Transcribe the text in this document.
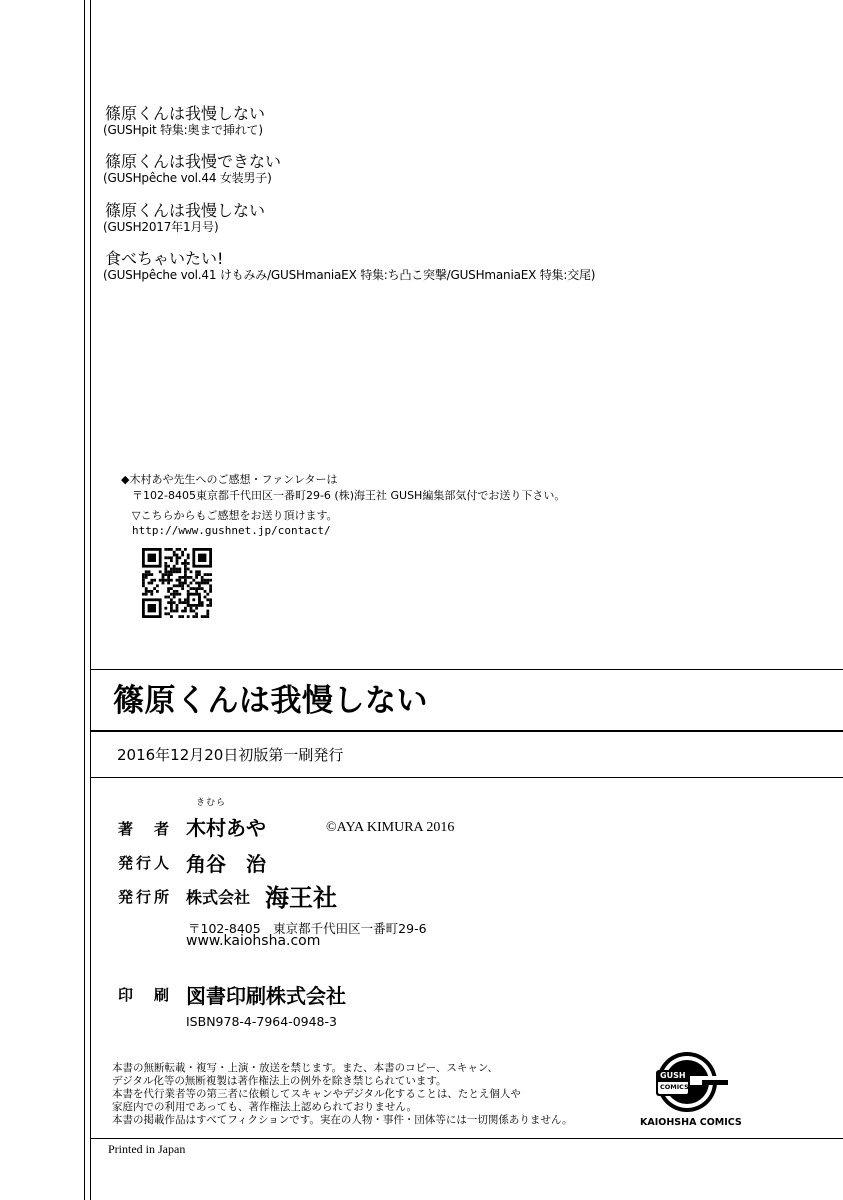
篠原くんは我慢しない
(GUSHpit 特集:奥まで挿れて)
篠原くんは我慢できない
(GUSHpêche vol.44 女装男子)
篠原くんは我慢しない
(GUSH2017年1月号)
食べちゃいたい!
(GUSHpêche vol.41 けもみみ/GUSHmaniaEX 特集:ち凸こ突撃/GUSHmaniaEX 特集:交尾)
◆木村あや先生へのご感想・ファンレターは
〒102-8405東京都千代田区一番町29-6 (株)海王社 GUSH編集部気付でお送り下さい。
▽こちらからもご感想をお送り頂けます。
http://www.gushnet.jp/contact/
篠原くんは我慢しない
2016年12月20日初版第一刷発行
著　者
きむら
木村あや	©AYA KIMURA 2016
発行人 角谷　治
発行所 株式会社 海王社
〒102-8405　東京都千代田区一番町29-6
www.kaiohsha.com
印　刷 図書印刷株式会社
ISBN978-4-7964-0948-3
本書の無断転載・複写・上演・放送を禁じます。また、本書のコピー、スキャン、
デジタル化等の無断複製は著作権法上の例外を除き禁じられています。
本書を代行業者等の第三者に依頼してスキャンやデジタル化することは、たとえ個人や
家庭内での利用であっても、著作権法上認められておりません。
本書の掲載作品はすべてフィクションです。実在の人物・事件・団体等には一切関係ありません。
GUSH
COMICS
KAIOHSHA COMICS
Printed in Japan
